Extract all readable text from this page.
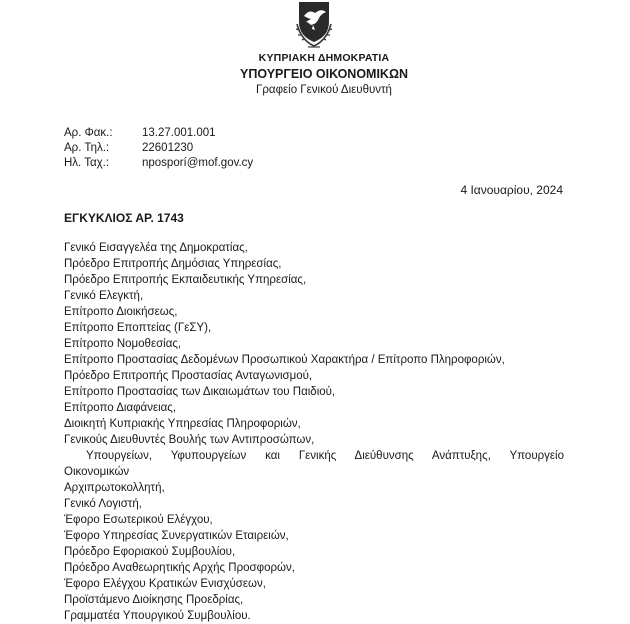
ΚΥΠΡΙΑΚΗ ΔΗΜΟΚΡΑΤΙΑ
ΥΠΟΥΡΓΕΙΟ ΟΙΚΟΝΟΜΙΚΩΝ
Γραφείο Γενικού Διευθυντή
Αρ. Φακ.:	13.27.001.001
Αρ. Τηλ.:	22601230
Ηλ. Ταχ.:	nposporí@mof.gov.cy
4 Ιανουαρίου, 2024
ΕΓΚΥΚΛΙΟΣ ΑΡ. 1743
Γενικό Εισαγγελέα της Δημοκρατίας,
Πρόεδρο Επιτροπής Δημόσιας Υπηρεσίας,
Πρόεδρο Επιτροπής Εκπαιδευτικής Υπηρεσίας,
Γενικό Ελεγκτή,
Επίτροπο Διοικήσεως,
Επίτροπο Εποπτείας (ΓεΣΥ),
Επίτροπο Νομοθεσίας,
Επίτροπο Προστασίας Δεδομένων Προσωπικού Χαρακτήρα / Επίτροπο Πληροφοριών,
Πρόεδρο Επιτροπής Προστασίας Ανταγωνισμού,
Επίτροπο Προστασίας των Δικαιωμάτων του Παιδιού,
Επίτροπο Διαφάνειας,
Διοικητή Κυπριακής Υπηρεσίας Πληροφοριών,
Γενικούς Διευθυντές Βουλής των Αντιπροσώπων,
Υπουργείων, Υφυπουργείων και Γενικής Διεύθυνσης Ανάπτυξης, Υπουργείο Οικονομικών
Αρχιπρωτοκολλητή,
Γενικό Λογιστή,
Έφορο Εσωτερικού Ελέγχου,
Έφορο Υπηρεσίας Συνεργατικών Εταιρειών,
Πρόεδρο Εφοριακού Συμβουλίου,
Πρόεδρο Αναθεωρητικής Αρχής Προσφορών,
Έφορο Ελέγχου Κρατικών Ενισχύσεων,
Προϊστάμενο Διοίκησης Προεδρίας,
Γραμματέα Υπουργικού Συμβουλίου.
